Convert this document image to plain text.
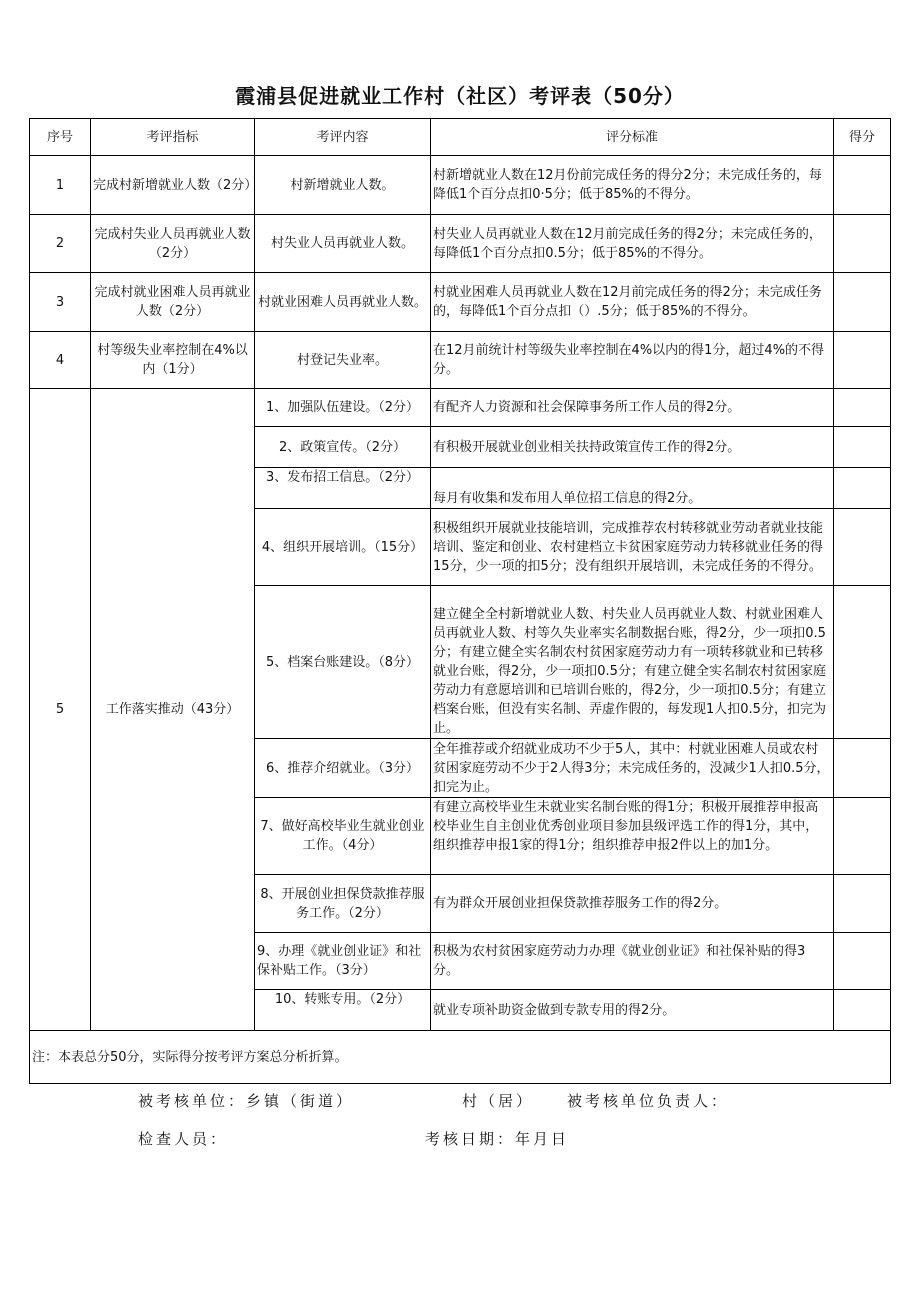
霞浦县促进就业工作村（社区）考评表（50分）
序号	考评指标	考评内容	评分标准	得分
1	完成村新增就业人数（2分）	村新增就业人数。	村新增就业人数在12月份前完成任务的得分2分；未完成任务的，每降低1个百分点扣0·5分；低于85%的不得分。	
2	完成村失业人员再就业人数（2分）	村失业人员再就业人数。	村失业人员再就业人数在12月前完成任务的得2分；未完成任务的，每降低1个百分点扣0.5分；低于85%的不得分。	
3	完成村就业困难人员再就业人数（2分）	村就业困难人员再就业人数。	村就业困难人员再就业人数在12月前完成任务的得2分；未完成任务的，每降低1个百分点扣（）.5分；低于85%的不得分。	
4	村等级失业率控制在4%以内（1分）	村登记失业率。	在12月前统计村等级失业率控制在4%以内的得1分，超过4%的不得分。	
5	工作落实推动（43分）	1、加强队伍建设。（2分）	有配齐人力资源和社会保障事务所工作人员的得2分。	
		2、政策宣传。（2分）	有积极开展就业创业相关扶持政策宣传工作的得2分。	
		3、发布招工信息。（2分）	每月有收集和发布用人单位招工信息的得2分。	
		4、组织开展培训。（15分）	积极组织开展就业技能培训，完成推荐农村转移就业劳动者就业技能培训、鉴定和创业、农村建档立卡贫困家庭劳动力转移就业任务的得15分，少一项的扣5分；没有组织开展培训，未完成任务的不得分。	
		5、档案台账建设。（8分）	建立健全全村新增就业人数、村失业人员再就业人数、村就业困难人员再就业人数、村等久失业率实名制数据台账，得2分，少一项扣0.5分；有建立健全实名制农村贫困家庭劳动力有一项转移就业和已转移就业台账，得2分，少一项扣0.5分；有建立健全实名制农村贫困家庭劳动力有意愿培训和已培训台账的，得2分，少一项扣0.5分；有建立档案台账，但没有实名制、弄虚作假的，每发现1人扣0.5分，扣完为止。	
		6、推荐介绍就业。（3分）	全年推荐或介绍就业成功不少于5人，其中：村就业困难人员或农村贫困家庭劳动不少于2人得3分；未完成任务的，没减少1人扣0.5分，扣完为止。	
		7、做好高校毕业生就业创业工作。（4分）	有建立高校毕业生未就业实名制台账的得1分；积极开展推荐申报高校毕业生自主创业优秀创业项目参加县级评选工作的得1分，其中，组织推荐申报1家的得1分；组织推荐申报2件以上的加1分。	
		8、开展创业担保贷款推荐服务工作。（2分）	有为群众开展创业担保贷款推荐服务工作的得2分。	
		9、办理《就业创业证》和社保补贴工作。（3分）	积极为农村贫困家庭劳动力办理《就业创业证》和社保补贴的得3分。	
		10、转账专用。（2分）	就业专项补助资金做到专款专用的得2分。	
注：本表总分50分，实际得分按考评方案总分析折算。				
被考核单位：乡镇（街道）	村（居） 被考核单位负责人：
检查人员：	考核日期：年月日
